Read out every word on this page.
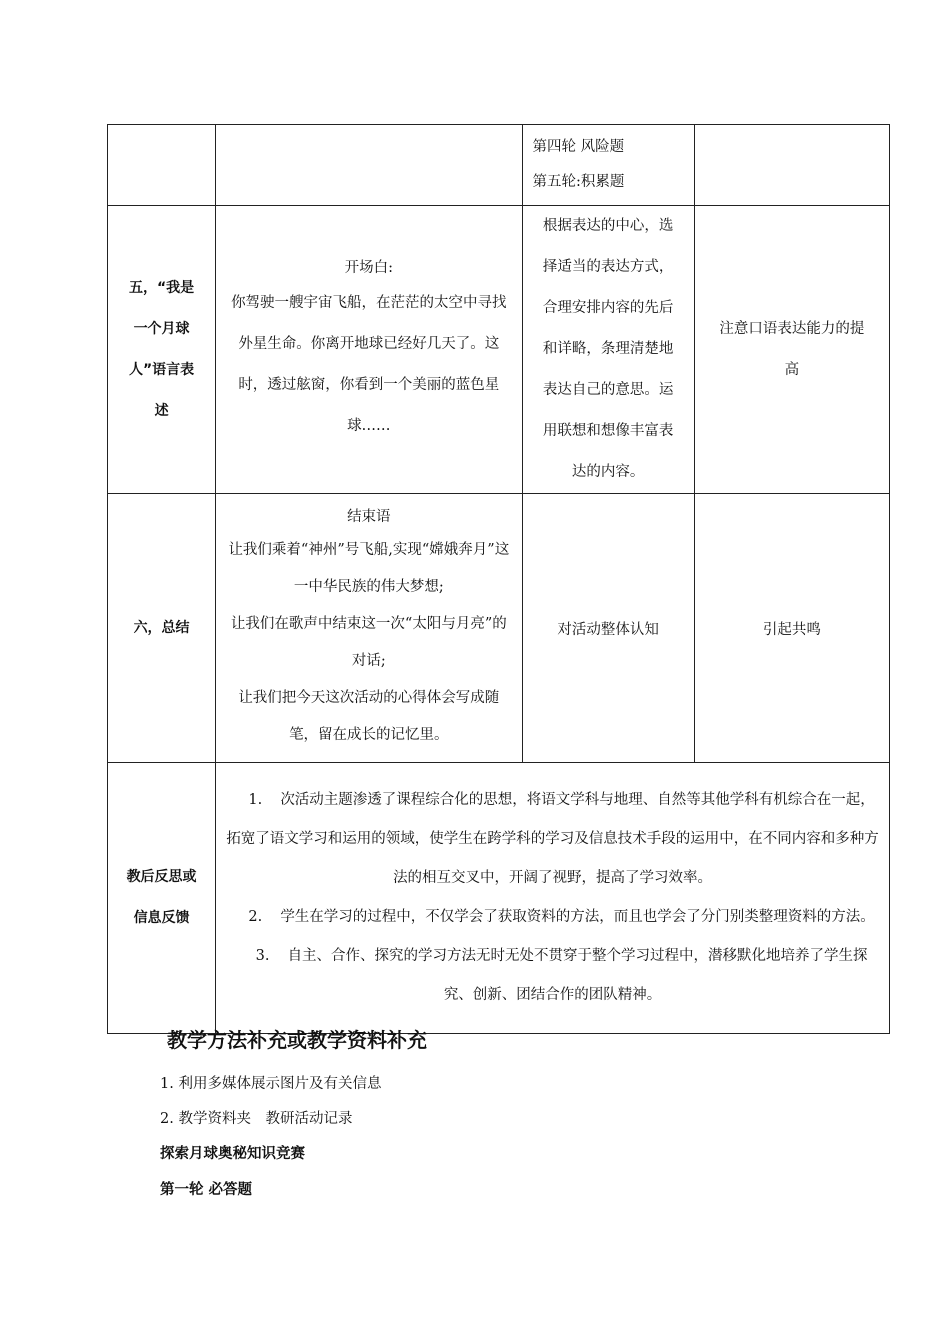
		第四轮 风险题
第五轮:积累题	

五，“我是一个月球人”语言表述	开场白:
你驾驶一艘宇宙飞船，在茫茫的太空中寻找外星生命。你离开地球已经好几天了。这时，透过舷窗，你看到一个美丽的蓝色星球……	根据表达的中心，选择适当的表达方式，合理安排内容的先后和详略，条理清楚地表达自己的意思。运用联想和想像丰富表达的内容。	注意口语表达能力的提高
六，总结	结束语
让我们乘着“神州”号飞船,实现“嫦娥奔月”这一中华民族的伟大梦想;
让我们在歌声中结束这一次“太阳与月亮”的对话;
让我们把今天这次活动的心得体会写成随笔，留在成长的记忆里。	对活动整体认知	引起共鸣
教后反思或信息反馈	1. 次活动主题渗透了课程综合化的思想，将语文学科与地理、自然等其他学科有机综合在一起，拓宽了语文学习和运用的领域，使学生在跨学科的学习及信息技术手段的运用中，在不同内容和多种方法的相互交叉中，开阔了视野，提高了学习效率。
2. 学生在学习的过程中，不仅学会了获取资料的方法，而且也学会了分门别类整理资料的方法。
3. 自主、合作、探究的学习方法无时无处不贯穿于整个学习过程中，潜移默化地培养了学生探究、创新、团结合作的团队精神。		
教学方法补充或教学资料补充
1. 利用多媒体展示图片及有关信息
2. 教学资料夹　教研活动记录
探索月球奥秘知识竞赛
第一轮 必答题
